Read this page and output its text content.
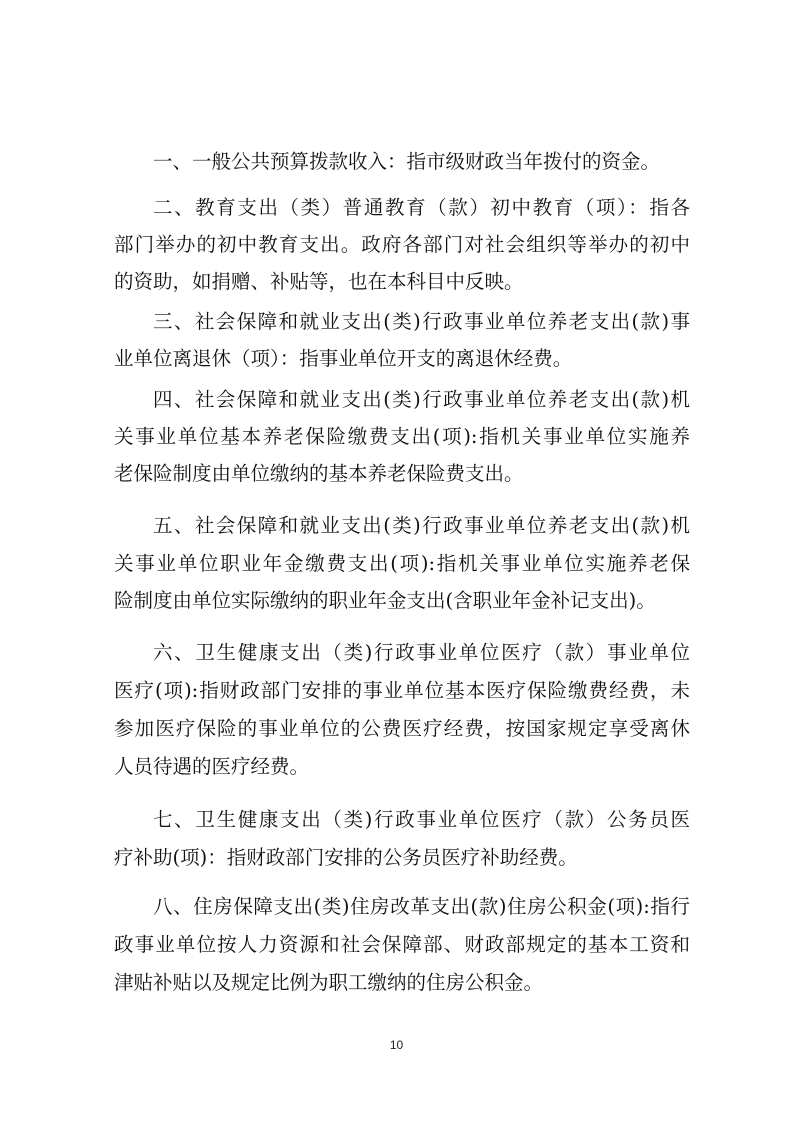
一、一般公共预算拨款收入：指市级财政当年拨付的资金。
二、教育支出（类）普通教育（款）初中教育（项）：指各
部门举办的初中教育支出。政府各部门对社会组织等举办的初中
的资助，如捐赠、补贴等，也在本科目中反映。
三、社会保障和就业支出(类)行政事业单位养老支出(款)事
业单位离退休（项）：指事业单位开支的离退休经费。
四、社会保障和就业支出(类)行政事业单位养老支出(款)机
关事业单位基本养老保险缴费支出(项):指机关事业单位实施养
老保险制度由单位缴纳的基本养老保险费支出。
五、社会保障和就业支出(类)行政事业单位养老支出(款)机
关事业单位职业年金缴费支出(项):指机关事业单位实施养老保
险制度由单位实际缴纳的职业年金支出(含职业年金补记支出)。
六、卫生健康支出（类)行政事业单位医疗（款）事业单位
医疗(项):指财政部门安排的事业单位基本医疗保险缴费经费，未
参加医疗保险的事业单位的公费医疗经费，按国家规定享受离休
人员待遇的医疗经费。
七、卫生健康支出（类)行政事业单位医疗（款）公务员医
疗补助(项)：指财政部门安排的公务员医疗补助经费。
八、住房保障支出(类)住房改革支出(款)住房公积金(项):指行
政事业单位按人力资源和社会保障部、财政部规定的基本工资和
津贴补贴以及规定比例为职工缴纳的住房公积金。
10
